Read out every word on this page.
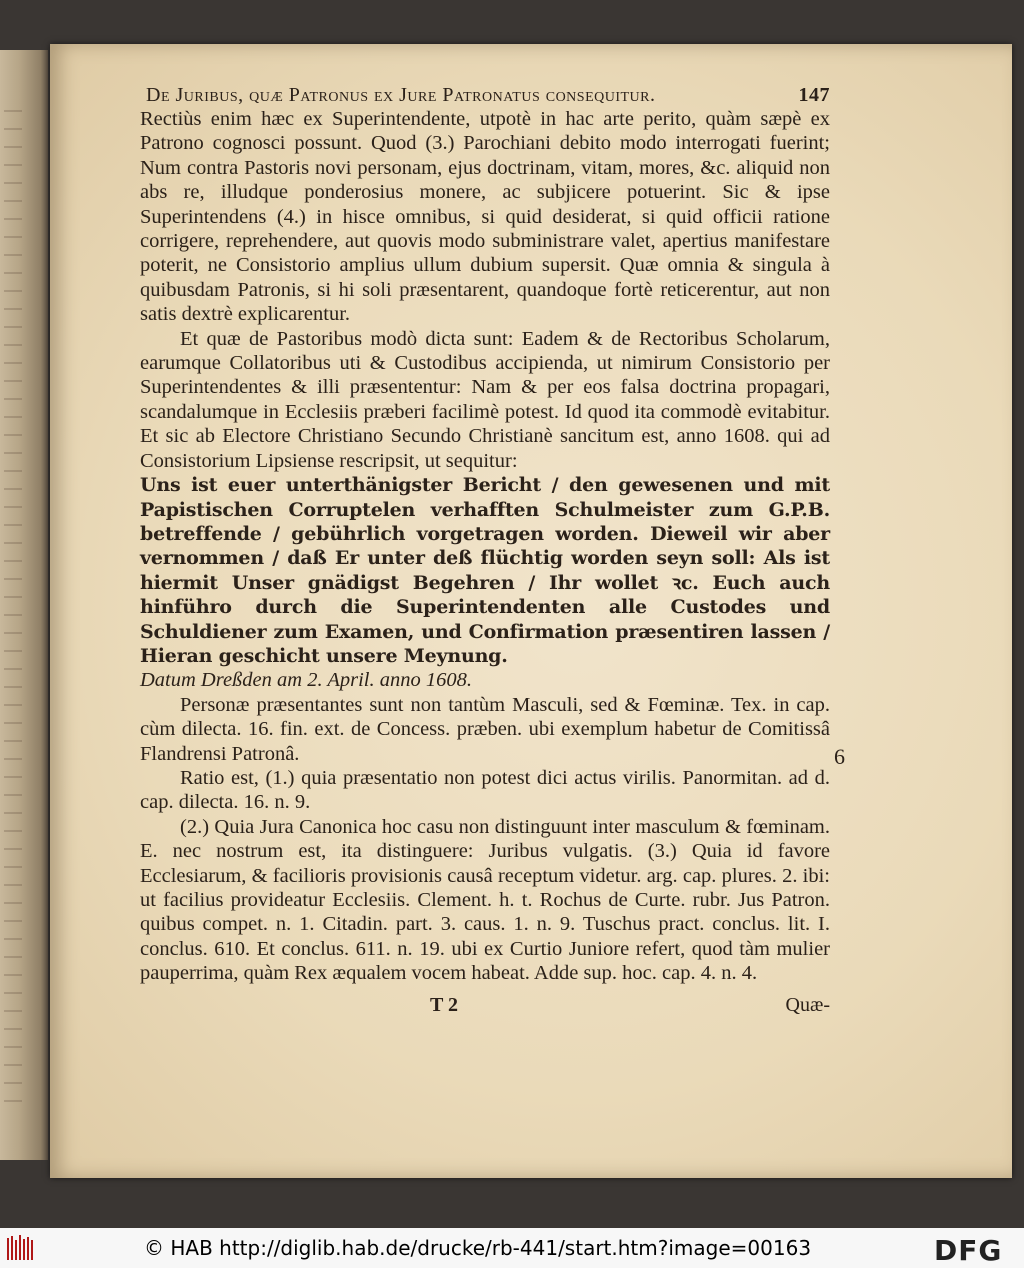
De Juribus, quæ Patronus ex Jure Patronatus consequitur.	147

Rectiùs enim hæc ex Superintendente, utpotè in hac arte perito, quàm sæpè ex Patrono cognosci possunt. Quod (3.) Parochiani debito modo interrogati fuerint; Num contra Pastoris novi personam, ejus doctrinam, vitam, mores, &c. aliquid non abs re, illudque ponderosius monere, ac subjicere potuerint. Sic & ipse Superintendens (4.) in hisce omnibus, si quid desiderat, si quid officii ratione corrigere, reprehendere, aut quovis modo subministrare valet, apertius manifestare poterit, ne Consistorio amplius ullum dubium supersit. Quæ omnia & singula à quibusdam Patronis, si hi soli præsentarent, quandoque fortè reticerentur, aut non satis dextrè explicarentur.

Et quæ de Pastoribus modò dicta sunt: Eadem & de Rectoribus Scholarum, earumque Collatoribus uti & Custodibus accipienda, ut nimirum Consistorio per Superintendentes & illi præsententur: Nam & per eos falsa doctrina propagari, scandalumque in Ecclesiis præberi facilimè potest. Id quod ita commodè evitabitur. Et sic ab Electore Christiano Secundo Christianè sancitum est, anno 1608. qui ad Consistorium Lipsiense rescripsit, ut sequitur:

Uns ist euer unterthänigster Bericht / den gewesenen und mit Papistischen Corruptelen verhafften Schulmeister zum G.P.B. betreffende / gebührlich vorgetragen worden. Dieweil wir aber vernommen / daß Er unter deß flüchtig worden seyn soll: Als ist hiermit Unser gnädigst Begehren / Ihr wollet ꝛc. Euch auch hinführo durch die Superintendenten alle Custodes und Schuldiener zum Examen, und Confirmation præsentiren lassen / Hieran geschicht unsere Meynung.

Datum Dreßden am 2. April. anno 1608.

Personæ præsentantes sunt non tantùm Masculi, sed & Fœminæ. Tex. in cap. cùm dilecta. 16. fin. ext. de Concess. præben. ubi exemplum habetur de Comitissâ Flandrensi Patronâ.

Ratio est, (1.) quia præsentatio non potest dici actus virilis. Panormitan. ad d. cap. dilecta. 16. n. 9.

(2.) Quia Jura Canonica hoc casu non distinguunt inter masculum & fœminam. E. nec nostrum est, ita distinguere: Juribus vulgatis. (3.) Quia id favore Ecclesiarum, & facilioris provisionis causâ receptum videtur. arg. cap. plures. 2. ibi: ut facilius provideatur Ecclesiis. Clement. h. t. Rochus de Curte. rubr. Jus Patron. quibus compet. n. 1. Citadin. part. 3. caus. 1. n. 9. Tuschus pract. conclus. lit. I. conclus. 610. Et conclus. 611. n. 19. ubi ex Curtio Juniore refert, quod tàm mulier pauperrima, quàm Rex æqualem vocem habeat. Adde sup. hoc. cap. 4. n. 4.

T 2	Quæ-
6
© HAB http://diglib.hab.de/drucke/rb-441/start.htm?image=00163	DFG
